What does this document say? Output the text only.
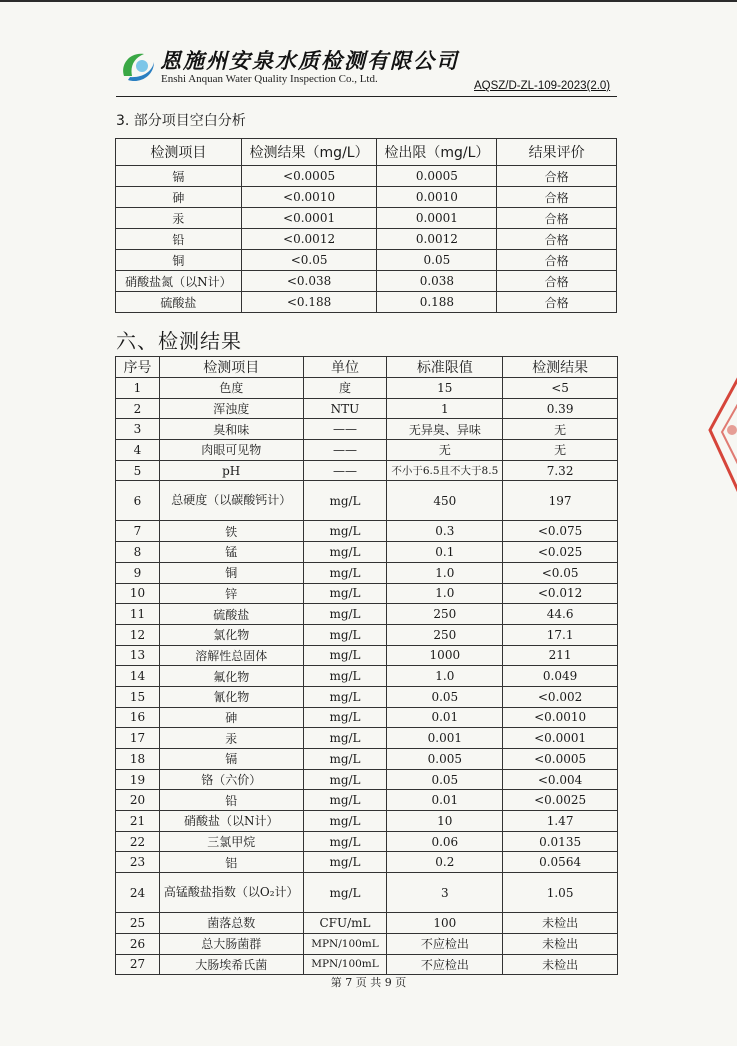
恩施州安泉水质检测有限公司
Enshi Anquan Water Quality Inspection Co., Ltd.
AQSZ/D-ZL-109-2023(2.0)
3. 部分项目空白分析
检测项目	检测结果（mg/L）	检出限（mg/L）	结果评价
镉	<0.0005	0.0005	合格
砷	<0.0010	0.0010	合格
汞	<0.0001	0.0001	合格
铅	<0.0012	0.0012	合格
铜	<0.05	0.05	合格
硝酸盐氮（以N计）	<0.038	0.038	合格
硫酸盐	<0.188	0.188	合格
六、检测结果
序号	检测项目	单位	标准限值	检测结果
1	色度	度	15	<5
2	浑浊度	NTU	1	0.39
3	臭和味	——	无异臭、异味	无
4	肉眼可见物	——	无	无
5	pH	——	不小于6.5且不大于8.5	7.32
6	总硬度（以碳酸钙计）	mg/L	450	197
7	铁	mg/L	0.3	<0.075
8	锰	mg/L	0.1	<0.025
9	铜	mg/L	1.0	<0.05
10	锌	mg/L	1.0	<0.012
11	硫酸盐	mg/L	250	44.6
12	氯化物	mg/L	250	17.1
13	溶解性总固体	mg/L	1000	211
14	氟化物	mg/L	1.0	0.049
15	氰化物	mg/L	0.05	<0.002
16	砷	mg/L	0.01	<0.0010
17	汞	mg/L	0.001	<0.0001
18	镉	mg/L	0.005	<0.0005
19	铬（六价）	mg/L	0.05	<0.004
20	铅	mg/L	0.01	<0.0025
21	硝酸盐（以N计）	mg/L	10	1.47
22	三氯甲烷	mg/L	0.06	0.0135
23	铝	mg/L	0.2	0.0564
24	高锰酸盐指数（以O₂计）	mg/L	3	1.05
25	菌落总数	CFU/mL	100	未检出
26	总大肠菌群	MPN/100mL	不应检出	未检出
27	大肠埃希氏菌	MPN/100mL	不应检出	未检出
第 7 页 共 9 页
